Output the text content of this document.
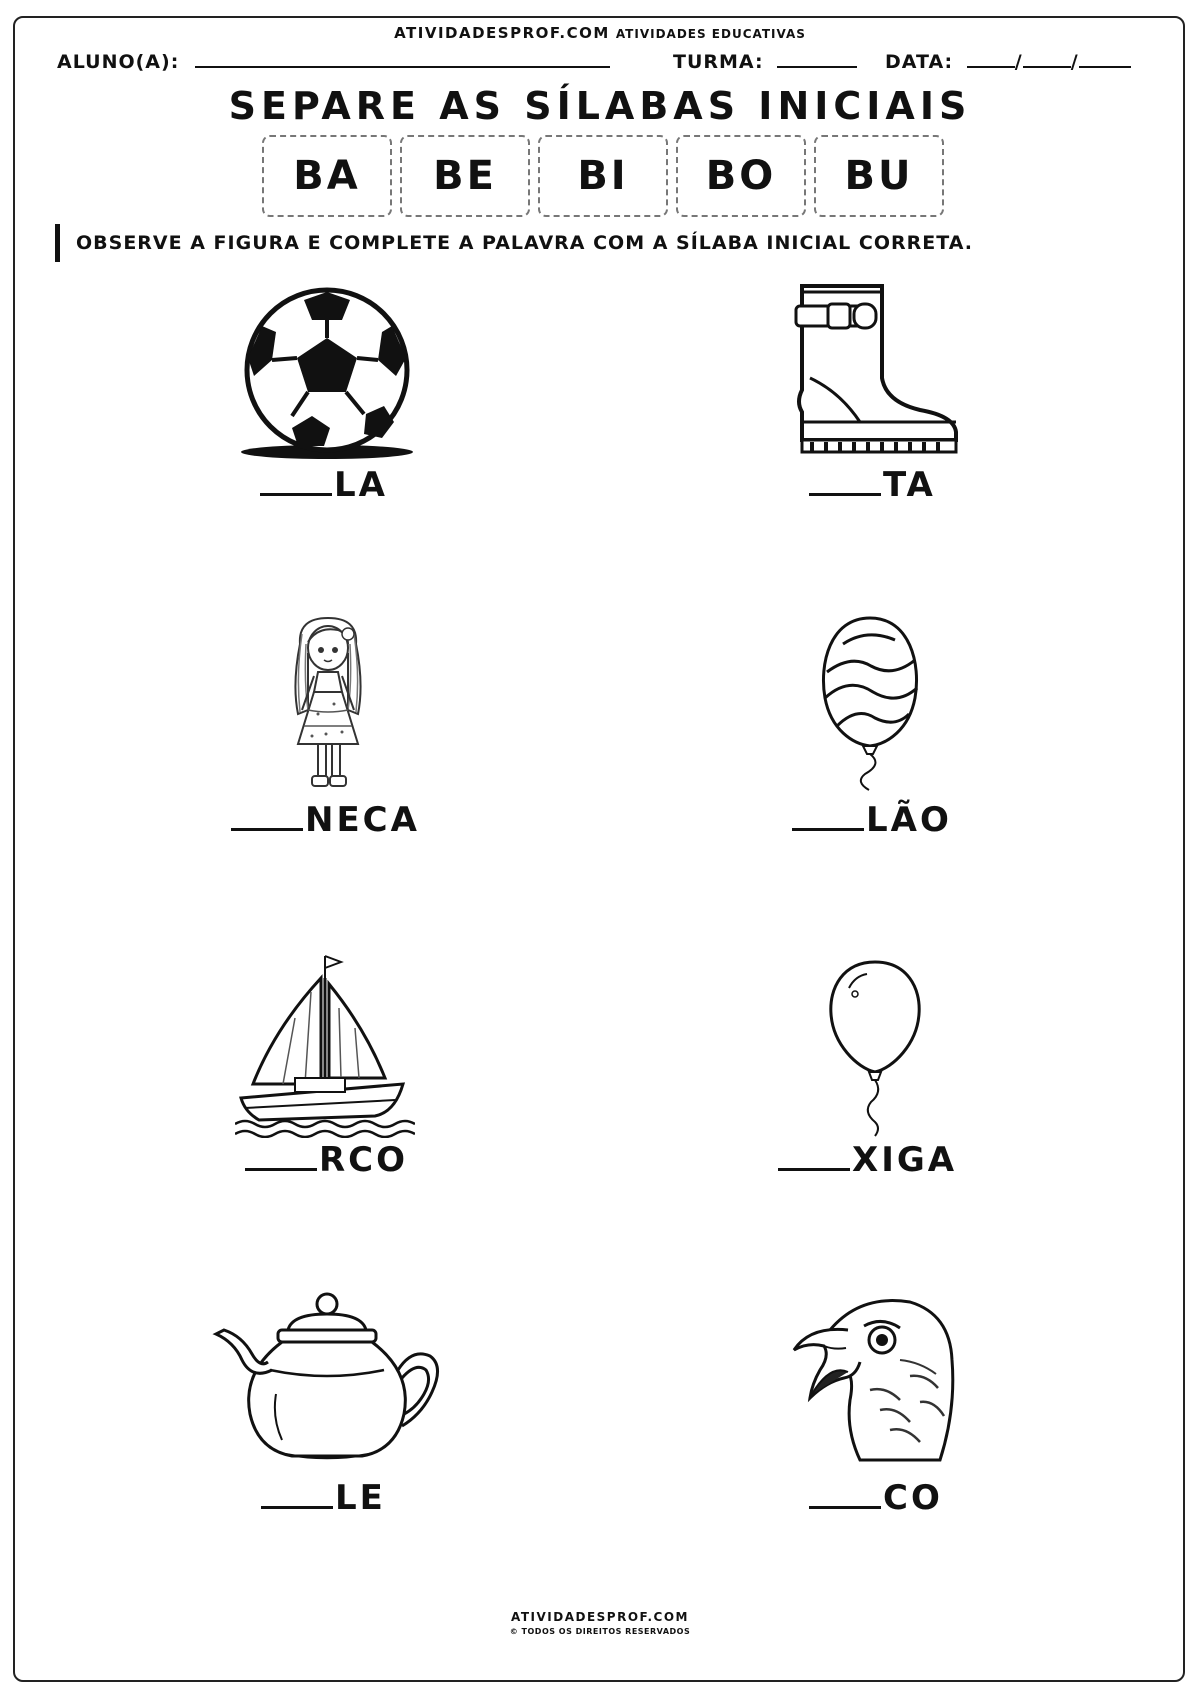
ATIVIDADESPROF.COM ATIVIDADES EDUCATIVAS
ALUNO(A):	TURMA:	DATA:	/	/
SEPARE AS SÍLABAS INICIAIS
BA	BE	BI	BO	BU
OBSERVE A FIGURA E COMPLETE A PALAVRA COM A SÍLABA INICIAL CORRETA.
LA	TA
NECA	LÃO
RCO	XIGA
LE	CO
ATIVIDADESPROF.COM
© TODOS OS DIREITOS RESERVADOS
